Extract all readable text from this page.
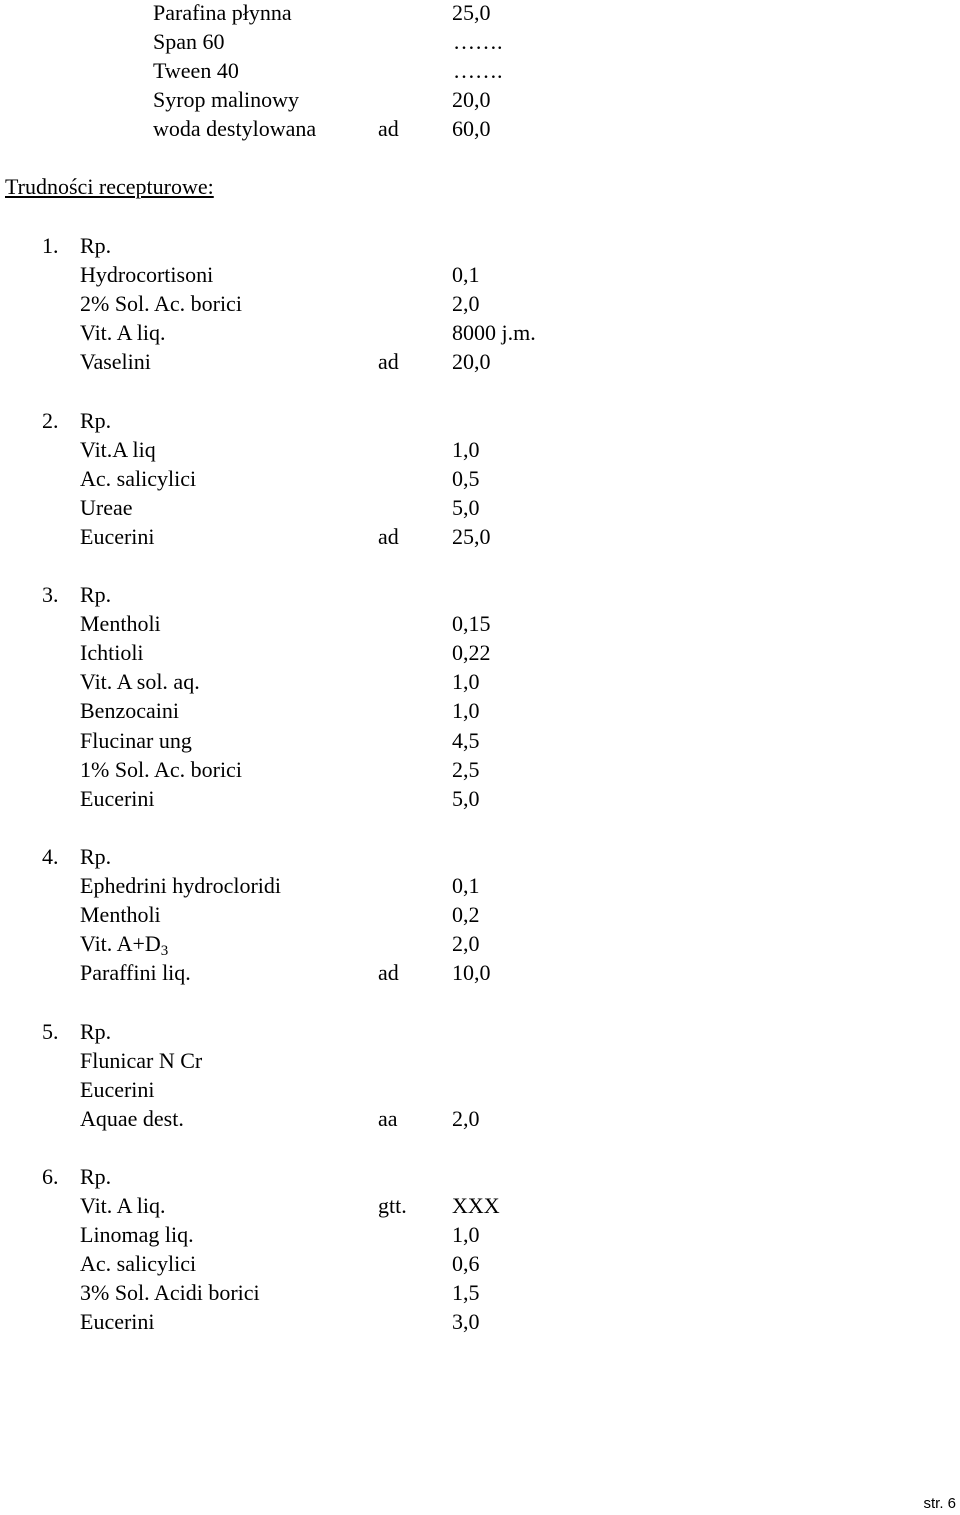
Parafina płynna	25,0
Span 60	…….
Tween 40	…….
Syrop malinowy	20,0
woda destylowana	ad 60,0
Trudności recepturowe:
1. Rp.
Hydrocortisoni	0,1
2% Sol. Ac. borici	2,0
Vit. A liq.	8000 j.m.
Vaselini	ad 20,0
2. Rp.
Vit.A liq	1,0
Ac. salicylici	0,5
Ureae	5,0
Eucerini	ad 25,0
3. Rp.
Mentholi	0,15
Ichtioli	0,22
Vit. A sol. aq.	1,0
Benzocaini	1,0
Flucinar ung	4,5
1% Sol. Ac. borici	2,5
Eucerini	5,0
4. Rp.
Ephedrini hydrocloridi	0,1
Mentholi	0,2
Vit. $A+D_3$	2,0
Paraffini liq.	ad 10,0
5. Rp.
Flunicar N Cr
Eucerini
Aquae dest.	aa 2,0
6. Rp.
Vit. A liq.	gtt. XXX
Linomag liq.	1,0
Ac. salicylici	0,6
3% Sol. Acidi borici	1,5
Eucerini	3,0
str. 6
